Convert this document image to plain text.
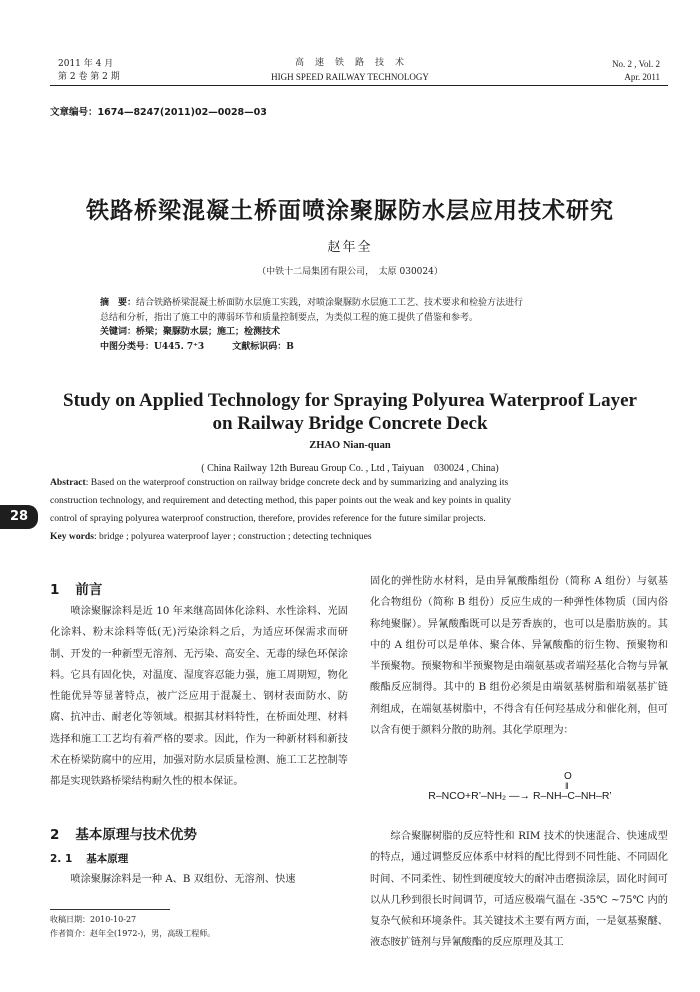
2011 年 4 月
第 2 卷 第 2 期
高　速　铁　路　技　术
HIGH SPEED RAILWAY TECHNOLOGY
No. 2 , Vol. 2
Apr. 2011
文章编号：1674—8247(2011)02—0028—03
铁路桥梁混凝土桥面喷涂聚脲防水层应用技术研究
赵年全
（中铁十二局集团有限公司，　太原 030024）
摘　要：结合铁路桥梁混凝土桥面防水层施工实践，对喷涂聚脲防水层施工工艺、技术要求和检验方法进行
总结和分析，指出了施工中的薄弱环节和质量控制要点，为类似工程的施工提供了借鉴和参考。
关键词：桥梁；聚脲防水层；施工；检测技术
中图分类号：U445. 7⁺3	文献标识码：B
Study on Applied Technology for Spraying Polyurea Waterproof Layer
on Railway Bridge Concrete Deck
ZHAO Nian-quan
( China Railway 12th Bureau Group Co. , Ltd , Taiyuan　030024 , China)
Abstract: Based on the waterproof construction on railway bridge concrete deck and by summarizing and analyzing its
construction technology, and requirement and detecting method, this paper points out the weak and key points in quality
control of spraying polyurea waterproof construction, therefore, provides reference for the future similar projects.
Key words: bridge ; polyurea waterproof layer ; construction ; detecting techniques
28
1 前言

喷涂聚脲涂料是近 10 年来继高固体化涂料、水性涂料、光固化涂料、粉末涂料等低(无)污染涂料之后，为适应环保需求而研制、开发的一种新型无溶剂、无污染、高安全、无毒的绿色环保涂料。它具有固化快，对温度、湿度容忍能力强，施工周期短，物化性能优异等显著特点，被广泛应用于混凝土、钢材表面防水、防腐、抗冲击、耐老化等领域。根据其材料特性，在桥面处理、材料选择和施工工艺均有着严格的要求。因此，作为一种新材料和新技术在桥梁防腐中的应用，加强对防水层质量检测、施工工艺控制等都是实现铁路桥梁结构耐久性的根本保证。

2 基本原理与技术优势
2. 1 基本原理

喷涂聚脲涂料是一种 A、B 双组份、无溶剂、快速

收稿日期：2010-10-27
作者简介：赵年全(1972-)，男，高级工程师。

固化的弹性防水材料，是由异氰酸酯组份（简称 A 组份）与氨基化合物组份（简称 B 组份）反应生成的一种弹性体物质（国内俗称纯聚脲）。异氰酸酯既可以是芳香族的，也可以是脂肪族的。其中的 A 组份可以是单体、聚合体、异氰酸酯的衍生物、预聚物和半预聚物。预聚物和半预聚物是由端氨基或者端羟基化合物与异氰酸酯反应制得。其中的 B 组份必须是由端氨基树脂和端氨基扩链剂组成，在端氨基树脂中，不得含有任何羟基成分和催化剂，但可以含有便于颜料分散的助剂。其化学原理为：

O
‖
R–NCO+R’–NH₂ —→ R–NH–C–NH–R’

综合聚脲树脂的反应特性和 RIM 技术的快速混合、快速成型的特点，通过调整反应体系中材料的配比得到不同性能、不同固化时间、不同柔性、韧性到硬度较大的耐冲击磨损涂层，固化时间可以从几秒到很长时间调节，可适应极端气温在 -35℃ ~75℃ 内的复杂气候和环境条件。其关键技术主要有两方面，一是氨基聚醚、液态胺扩链剂与异氰酸酯的反应原理及其工
